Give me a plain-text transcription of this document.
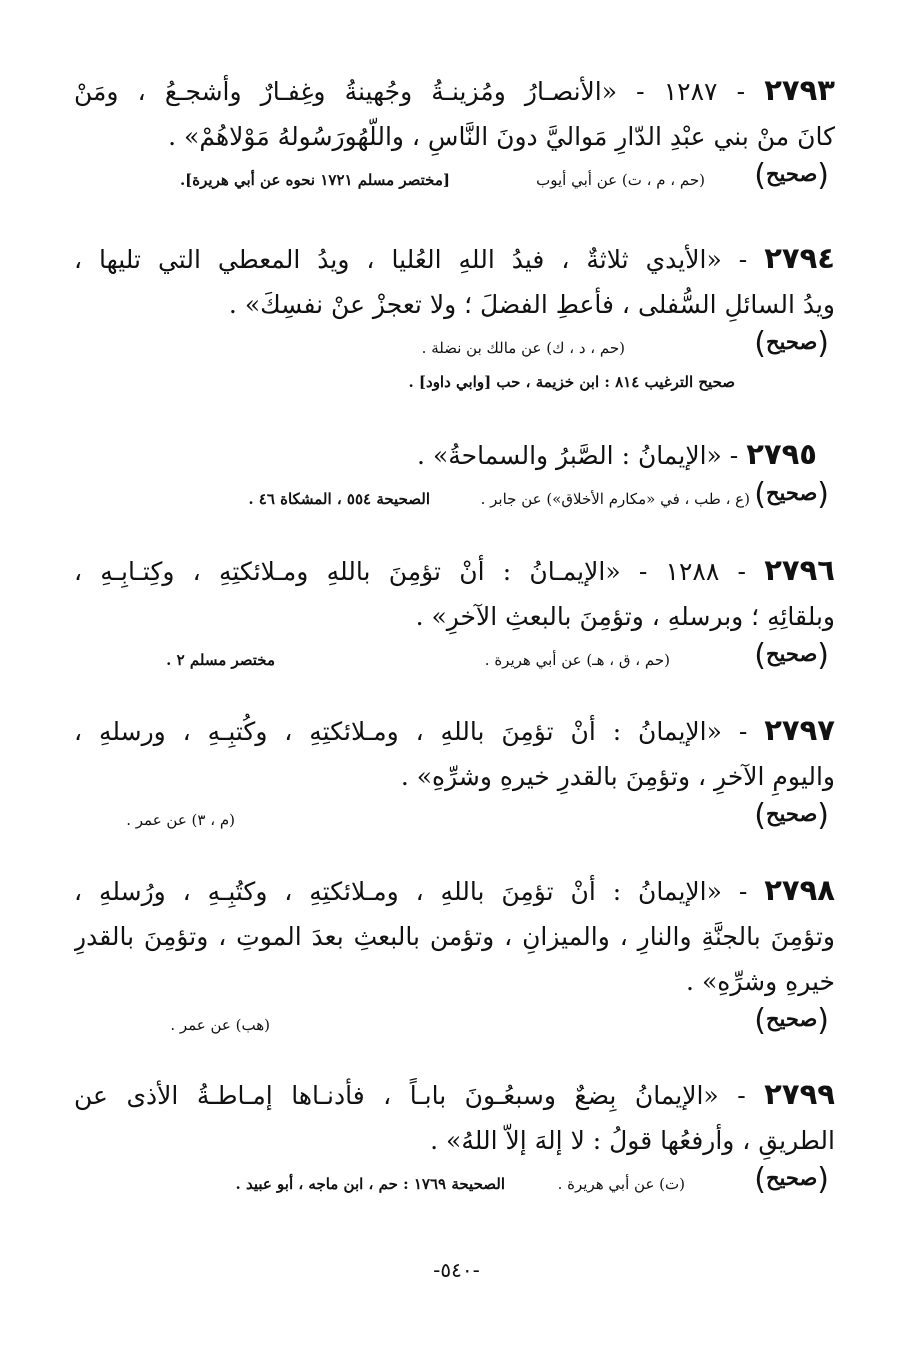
٢٧٩٣ - ١٢٨٧ - «الأنصـارُ ومُزينـةُ وجُهينةُ وغِفـارٌ وأشجـعُ ، ومَنْ
كانَ منْ بني عبْدِ الدّارِ مَواليَّ دونَ النَّاسِ ، واللّهُورَسُولهُ مَوْلاهُمْ» .
(صحيح)
(حم ، م ، ت) عن أبي أيوب
[مختصر مسلم ١٧٢١ نحوه عن أبي هريرة].
٢٧٩٤ - «الأيدي ثلاثةٌ ، فيدُ اللهِ العُليا ، ويدُ المعطي التي تليها ،
ويدُ السائلِ السُّفلى ، فأعطِ الفضلَ ؛ ولا تعجزْ عنْ نفسِكَ» .
(صحيح)
(حم ، د ، ك) عن مالك بن نضلة .
صحيح الترغيب ٨١٤ : ابن خزيمة ، حب [وابي داود] .
٢٧٩٥ - «الإيمانُ : الصَّبرُ والسماحةُ» .
(صحيح)
(ع ، طب ، في «مكارم الأخلاق») عن جابر .
الصحيحة ٥٥٤ ، المشكاة ٤٦ .
٢٧٩٦ - ١٢٨٨ - «الإيمـانُ : أنْ تؤمِنَ باللهِ ومـلائكتِهِ ، وكِتـابِـهِ ،
وبلقائِهِ ؛ وبرسلهِ ، وتؤمِنَ بالبعثِ الآخرِ» .
(صحيح)
(حم ، ق ، هـ) عن أبي هريرة .
مختصر مسلم ٢ .
٢٧٩٧ - «الإيمانُ : أنْ تؤمِنَ باللهِ ، ومـلائكتِهِ ، وكُتبِـهِ ، ورسلهِ ،
واليومِ الآخرِ ، وتؤمِنَ بالقدرِ خيرهِ وشرِّهِ» .
(صحيح)
(م ، ٣) عن عمر .
٢٧٩٨ - «الإيمانُ : أنْ تؤمِنَ باللهِ ، ومـلائكتِهِ ، وكتُبِـهِ ، ورُسلهِ ،
وتؤمِنَ بالجنَّةِ والنارِ ، والميزانِ ، وتؤمن بالبعثِ بعدَ الموتِ ، وتؤمِنَ بالقدرِ
خيرهِ وشرِّهِ» .
(صحيح)
(هب) عن عمر .
٢٧٩٩ - «الإيمانُ بِضعٌ وسبعُـونَ بابـاً ، فأدنـاها إمـاطـةُ الأذى عن
الطريقِ ، وأرفعُها قولُ : لا إلهَ إلاّ اللهُ» .
(صحيح)
(ت) عن أبي هريرة .
الصحيحة ١٧٦٩ : حم ، ابن ماجه ، أبو عبيد .
-٥٤٠-
